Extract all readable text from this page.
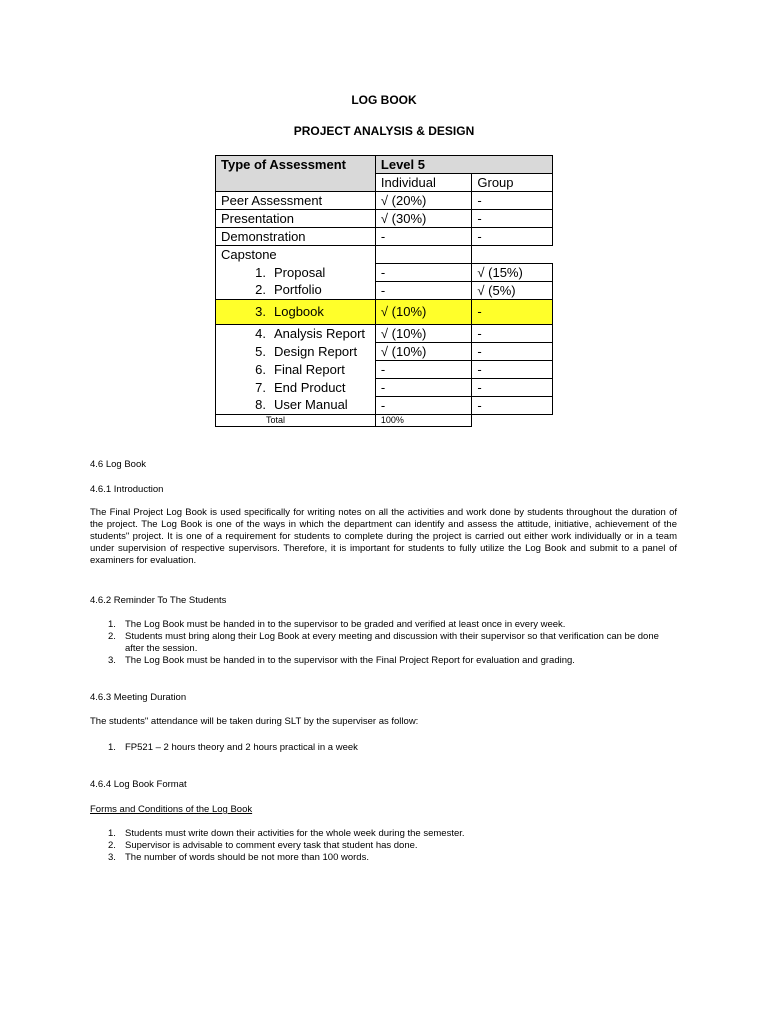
LOG BOOK
PROJECT ANALYSIS & DESIGN
Type of Assessment	Level 5	
	Individual	Group
Peer Assessment	√ (20%)	-
Presentation	√ (30%)	-
Demonstration	-	-
Capstone		
1. Proposal	-	√ (15%)
2. Portfolio	-	√ (5%)
3. Logbook	√ (10%)	-
4. Analysis Report	√ (10%)	-
5. Design Report	√ (10%)	-
6. Final Report	-	-
7. End Product	-	-
8. User Manual	-	-
Total	100%	
4.6 Log Book
4.6.1 Introduction
The Final Project Log Book is used specifically for writing notes on all the activities and work done by students throughout the duration of the project. The Log Book is one of the ways in which the department can identify and assess the attitude, initiative, achievement of the students" project. It is one of a requirement for students to complete during the project is carried out either work individually or in a team under supervision of respective supervisors. Therefore, it is important for students to fully utilize the Log Book and submit to a panel of examiners for evaluation.
4.6.2 Reminder To The Students
1. The Log Book must be handed in to the supervisor to be graded and verified at least once in every week.
2. Students must bring along their Log Book at every meeting and discussion with their supervisor so that verification can be done after the session.
3. The Log Book must be handed in to the supervisor with the Final Project Report for evaluation and grading.
4.6.3 Meeting Duration
The students" attendance will be taken during SLT by the superviser as follow:
1. FP521 – 2 hours theory and 2 hours practical in a week
4.6.4 Log Book Format
Forms and Conditions of the Log Book
1. Students must write down their activities for the whole week during the semester.
2. Supervisor is advisable to comment every task that student has done.
3. The number of words should be not more than 100 words.
